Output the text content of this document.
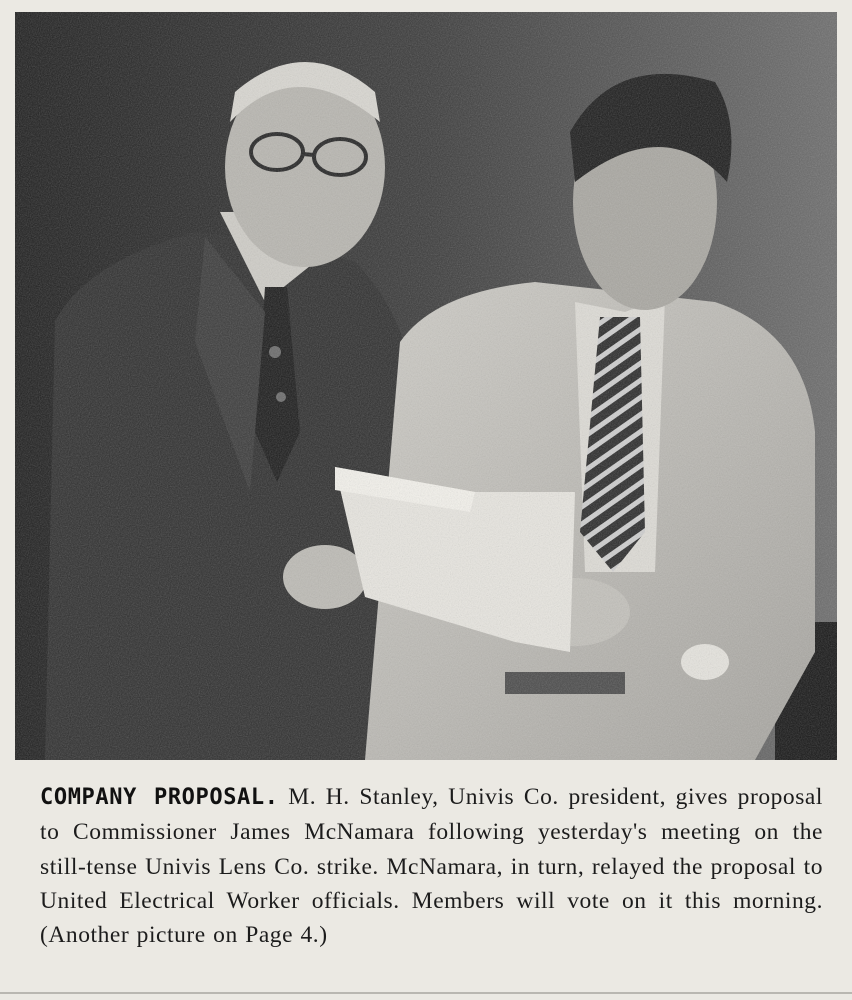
COMPANY PROPOSAL. M. H. Stanley, Univis Co. president, gives proposal to Commissioner James McNamara following yesterday's meeting on the still-tense Univis Lens Co. strike. McNamara, in turn, relayed the proposal to United Electrical Worker officials. Members will vote on it this morning. (Another picture on Page 4.)
